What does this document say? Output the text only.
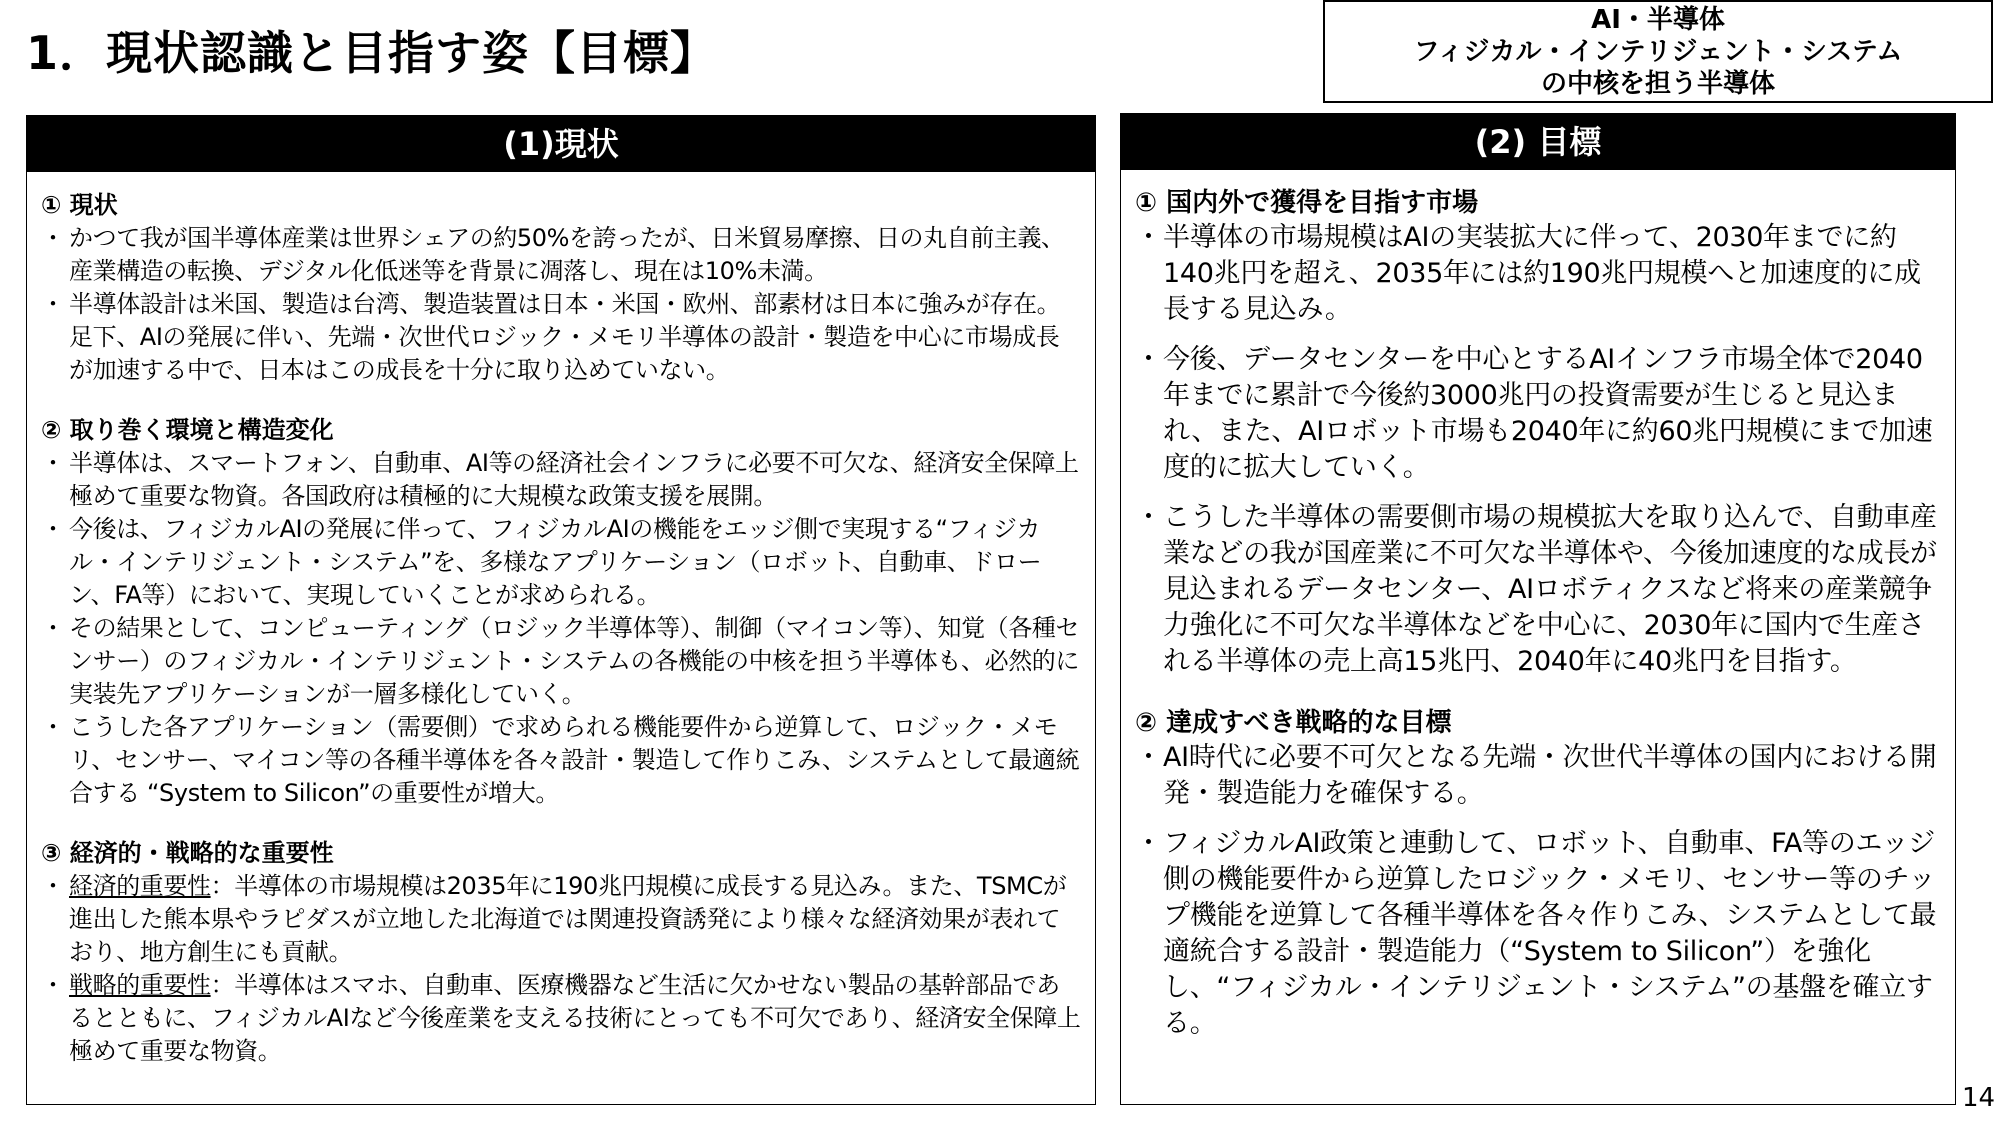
1．現状認識と目指す姿【目標】
AI・半導体
フィジカル・インテリジェント・システム
の中核を担う半導体
(1)現状
① 現状
・ かつて我が国半導体産業は世界シェアの約50%を誇ったが、日米貿易摩擦、日の丸自前主義、産業構造の転換、デジタル化低迷等を背景に凋落し、現在は10%未満。
・ 半導体設計は米国、製造は台湾、製造装置は日本・米国・欧州、部素材は日本に強みが存在。足下、AIの発展に伴い、先端・次世代ロジック・メモリ半導体の設計・製造を中心に市場成長が加速する中で、日本はこの成長を十分に取り込めていない。
② 取り巻く環境と構造変化
・ 半導体は、スマートフォン、自動車、AI等の経済社会インフラに必要不可欠な、経済安全保障上極めて重要な物資。各国政府は積極的に大規模な政策支援を展開。
・ 今後は、フィジカルAIの発展に伴って、フィジカルAIの機能をエッジ側で実現する“フィジカル・インテリジェント・システム”を、多様なアプリケーション（ロボット、自動車、ドローン、FA等）において、実現していくことが求められる。
・ その結果として、コンピューティング（ロジック半導体等）、制御（マイコン等）、知覚（各種センサー）のフィジカル・インテリジェント・システムの各機能の中核を担う半導体も、必然的に実装先アプリケーションが一層多様化していく。
・ こうした各アプリケーション（需要側）で求められる機能要件から逆算して、ロジック・メモリ、センサー、マイコン等の各種半導体を各々設計・製造して作りこみ、システムとして最適統合する “System to Silicon”の重要性が増大。
③ 経済的・戦略的な重要性
・ 経済的重要性：半導体の市場規模は2035年に190兆円規模に成長する見込み。また、TSMCが進出した熊本県やラピダスが立地した北海道では関連投資誘発により様々な経済効果が表れており、地方創生にも貢献。
・ 戦略的重要性：半導体はスマホ、自動車、医療機器など生活に欠かせない製品の基幹部品であるとともに、フィジカルAIなど今後産業を支える技術にとっても不可欠であり、経済安全保障上極めて重要な物資。
(2) 目標
① 国内外で獲得を目指す市場
・ 半導体の市場規模はAIの実装拡大に伴って、2030年までに約140兆円を超え、2035年には約190兆円規模へと加速度的に成長する見込み。
・ 今後、データセンターを中心とするAIインフラ市場全体で2040年までに累計で今後約3000兆円の投資需要が生じると見込まれ、また、AIロボット市場も2040年に約60兆円規模にまで加速度的に拡大していく。
・ こうした半導体の需要側市場の規模拡大を取り込んで、自動車産業などの我が国産業に不可欠な半導体や、今後加速度的な成長が見込まれるデータセンター、AIロボティクスなど将来の産業競争力強化に不可欠な半導体などを中心に、2030年に国内で生産される半導体の売上高15兆円、2040年に40兆円を目指す。
② 達成すべき戦略的な目標
・ AI時代に必要不可欠となる先端・次世代半導体の国内における開発・製造能力を確保する。
・ フィジカルAI政策と連動して、ロボット、自動車、FA等のエッジ側の機能要件から逆算したロジック・メモリ、センサー等のチップ機能を逆算して各種半導体を各々作りこみ、システムとして最適統合する設計・製造能力（“System to Silicon”）を強化し、“フィジカル・インテリジェント・システム”の基盤を確立する。
14
